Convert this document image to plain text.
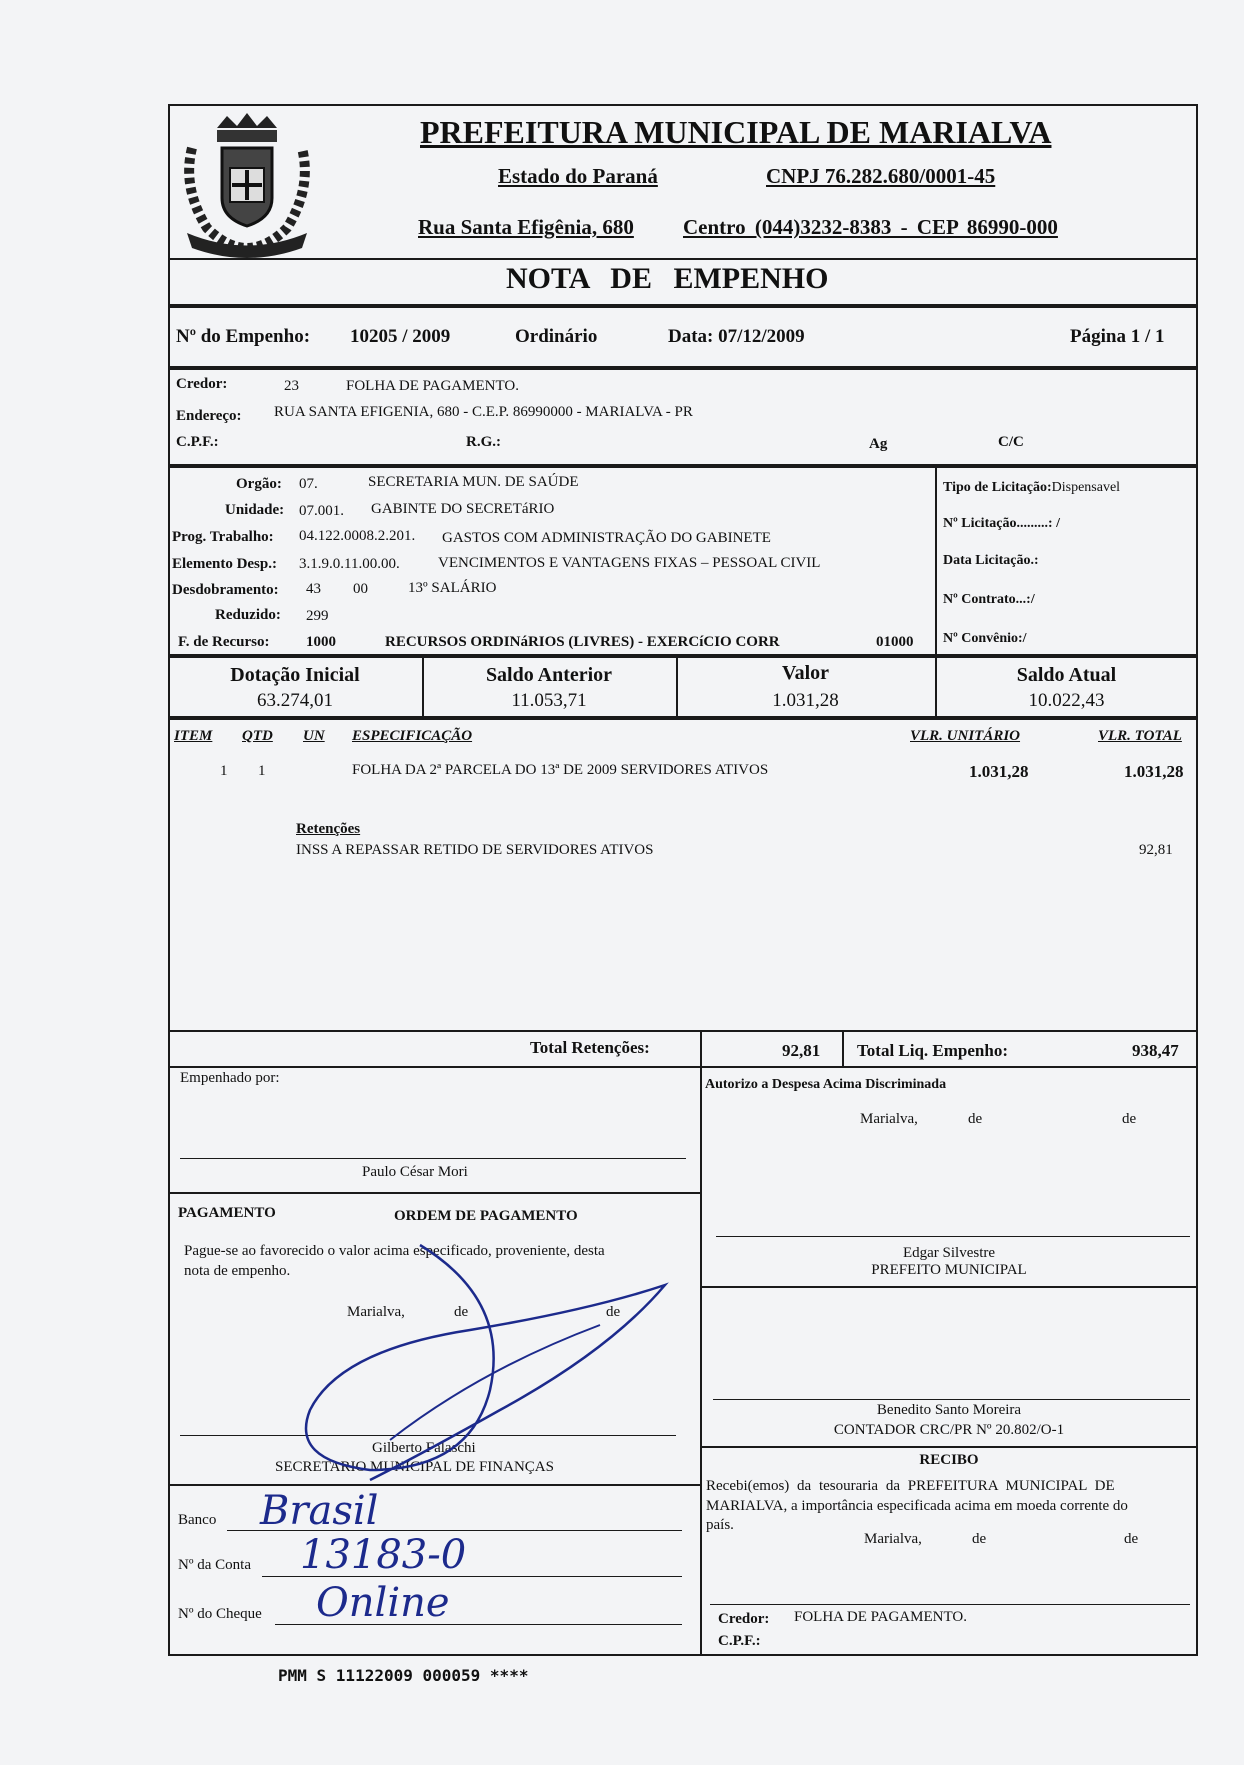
PREFEITURA MUNICIPAL DE MARIALVA
Estado do Paraná	CNPJ 76.282.680/0001-45
Rua Santa Efigênia, 680 Centro (044)3232-8383 - CEP 86990-000
NOTA DE EMPENHO
Nº do Empenho: 10205 / 2009	Ordinário	Data: 07/12/2009	Página 1 / 1
Credor:	23	FOLHA DE PAGAMENTO.
Endereço: RUA SANTA EFIGENIA, 680 - C.E.P. 86990000 - MARIALVA - PR
C.P.F.:	R.G.:	Ag	C/C
Orgão: 07.	SECRETARIA MUN. DE SAÚDE
Unidade: 07.001. GABINTE DO SECRETáRIO
Prog. Trabalho: 04.122.0008.2.201. GASTOS COM ADMINISTRAÇÃO DO GABINETE
Elemento Desp.: 3.1.9.0.11.00.00.	VENCIMENTOS E VANTAGENS FIXAS – PESSOAL CIVIL
Desdobramento: 43 00	13º SALÁRIO
Reduzido: 299
F. de Recurso: 1000	RECURSOS ORDINáRIOS (LIVRES) - EXERCíCIO CORR	01000
Tipo de Licitação:Dispensavel
Nº Licitação.........: /
Data Licitação.:
Nº Contrato...:/
Nº Convênio:/
Dotação Inicial
63.274,01
Saldo Anterior
11.053,71
Valor
1.031,28
Saldo Atual
10.022,43
ITEM QTD UN ESPECIFICAÇÃO	VLR. UNITÁRIO	VLR. TOTAL
1 1	FOLHA DA 2ª PARCELA DO 13ª DE 2009 SERVIDORES ATIVOS	1.031,28	1.031,28
Retenções
INSS A REPASSAR RETIDO DE SERVIDORES ATIVOS	92,81
Total Retenções:	92,81 Total Liq. Empenho:	938,47
Empenhado por:
Paulo César Mori
PAGAMENTO	ORDEM DE PAGAMENTO
Pague-se ao favorecido o valor acima especificado, proveniente, desta
nota de empenho.
Marialva,	de	de
Gilberto Falaschi
SECRETARIO MUNICIPAL DE FINANÇAS
Banco Brasil
Nº da Conta 13183-0
Nº do Cheque Online
Autorizo a Despesa Acima Discriminada
Marialva,	de	de
Edgar Silvestre
PREFEITO MUNICIPAL
Benedito Santo Moreira
CONTADOR CRC/PR Nº 20.802/O-1
RECIBO
Recebi(emos) da tesouraria da PREFEITURA MUNICIPAL DE
MARIALVA, a importância especificada acima em moeda corrente do
país.
Marialva,	de	de
Credor: FOLHA DE PAGAMENTO.
C.P.F.:
PMM S 11122009 000059 ****
